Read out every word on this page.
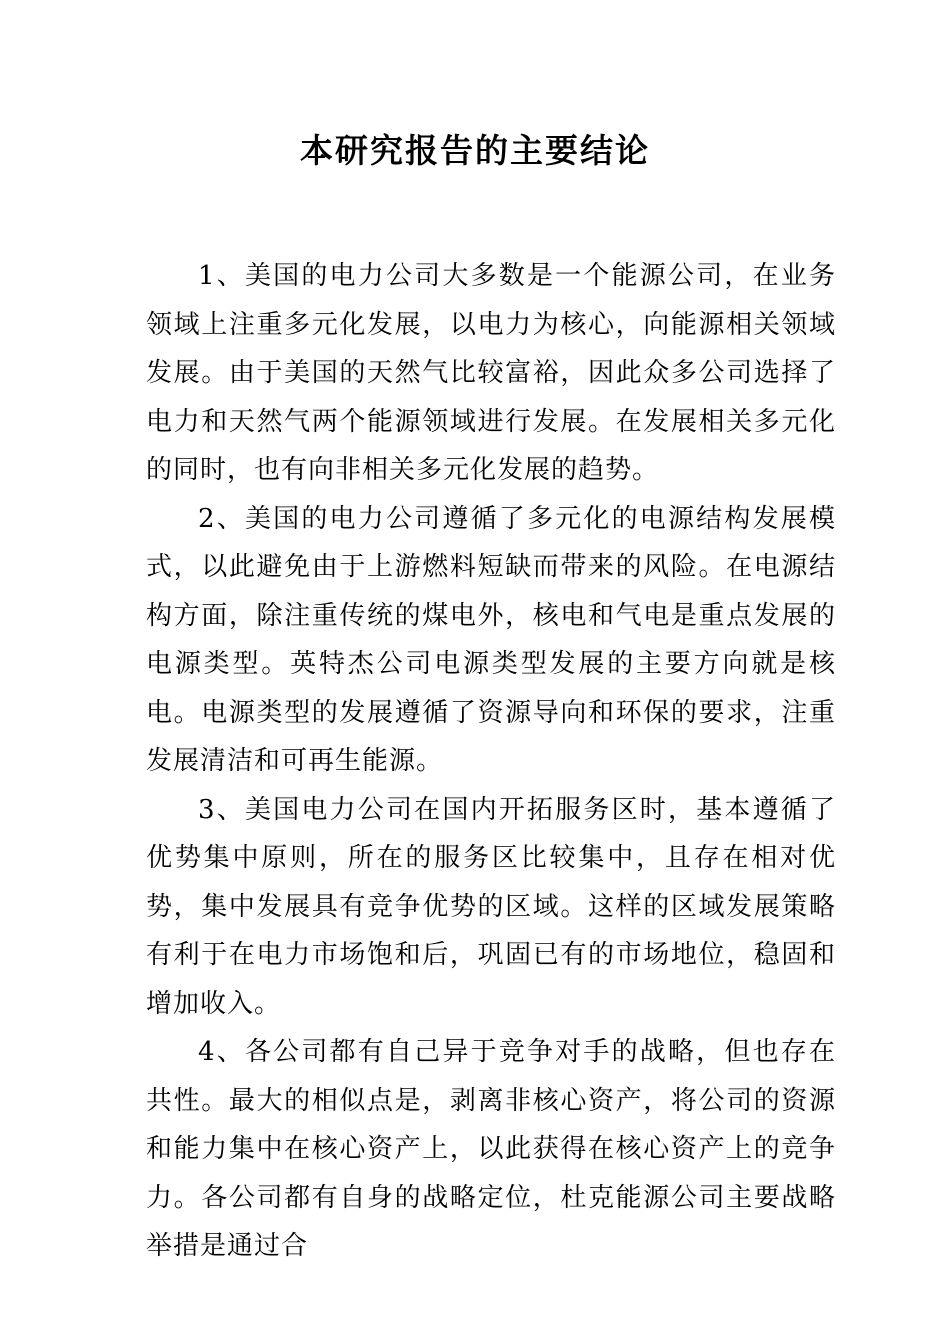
本研究报告的主要结论

1、美国的电力公司大多数是一个能源公司，在业务领域上注重多元化发展，以电力为核心，向能源相关领域发展。由于美国的天然气比较富裕，因此众多公司选择了电力和天然气两个能源领域进行发展。在发展相关多元化的同时，也有向非相关多元化发展的趋势。

2、美国的电力公司遵循了多元化的电源结构发展模式，以此避免由于上游燃料短缺而带来的风险。在电源结构方面，除注重传统的煤电外，核电和气电是重点发展的电源类型。英特杰公司电源类型发展的主要方向就是核电。电源类型的发展遵循了资源导向和环保的要求，注重发展清洁和可再生能源。

3、美国电力公司在国内开拓服务区时，基本遵循了优势集中原则，所在的服务区比较集中，且存在相对优势，集中发展具有竞争优势的区域。这样的区域发展策略有利于在电力市场饱和后，巩固已有的市场地位，稳固和增加收入。

4、各公司都有自己异于竞争对手的战略，但也存在共性。最大的相似点是，剥离非核心资产，将公司的资源和能力集中在核心资产上，以此获得在核心资产上的竞争力。各公司都有自身的战略定位，杜克能源公司主要战略举措是通过合
